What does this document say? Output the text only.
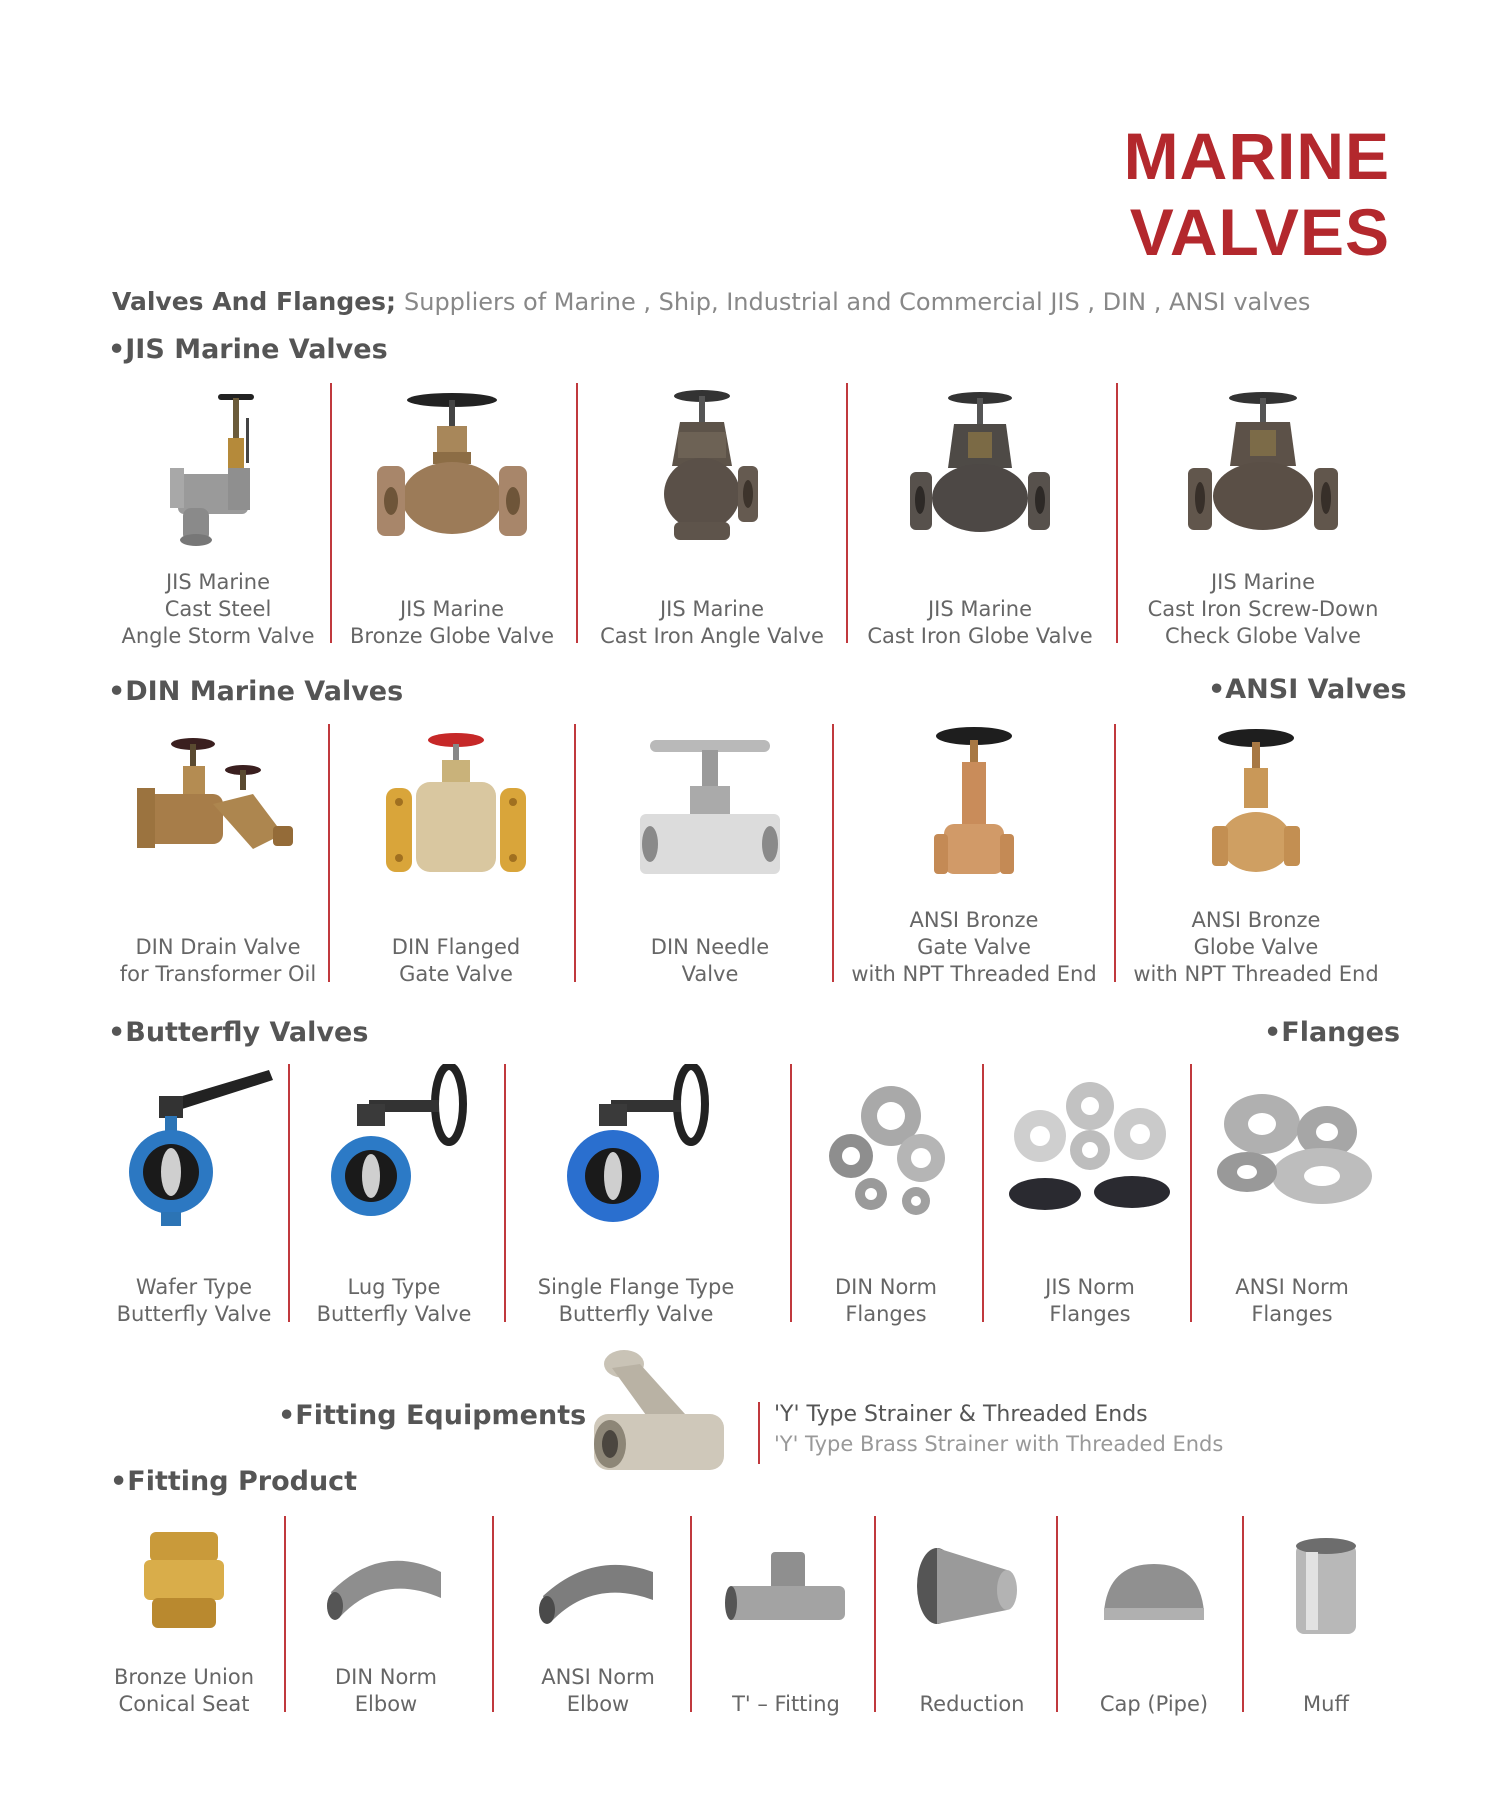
MARINE VALVES
Valves And Flanges; Suppliers of Marine , Ship, Industrial and Commercial JIS , DIN , ANSI valves
•JIS Marine Valves
JIS Marine
Cast Steel
Angle Storm Valve
JIS Marine
Bronze Globe Valve
JIS Marine
Cast Iron Angle Valve
JIS Marine
Cast Iron Globe Valve
JIS Marine
Cast Iron Screw-Down
Check Globe Valve
•DIN Marine Valves	•ANSI Valves
DIN Drain Valve
for Transformer Oil
DIN Flanged
Gate Valve
DIN Needle
Valve
ANSI Bronze
Gate Valve
with NPT Threaded End
ANSI Bronze
Globe Valve
with NPT Threaded End
•Butterfly Valves	•Flanges
Wafer Type
Butterfly Valve
Lug Type
Butterfly Valve
Single Flange Type
Butterfly Valve
DIN Norm
Flanges
JIS Norm
Flanges
ANSI Norm
Flanges
•Fitting Equipments	'Y' Type Strainer & Threaded Ends
'Y' Type Brass Strainer with Threaded Ends
•Fitting Product
Bronze Union
Conical Seat
DIN Norm
Elbow
ANSI Norm
Elbow	T' – Fitting	Reduction	Cap (Pipe)	Muff
